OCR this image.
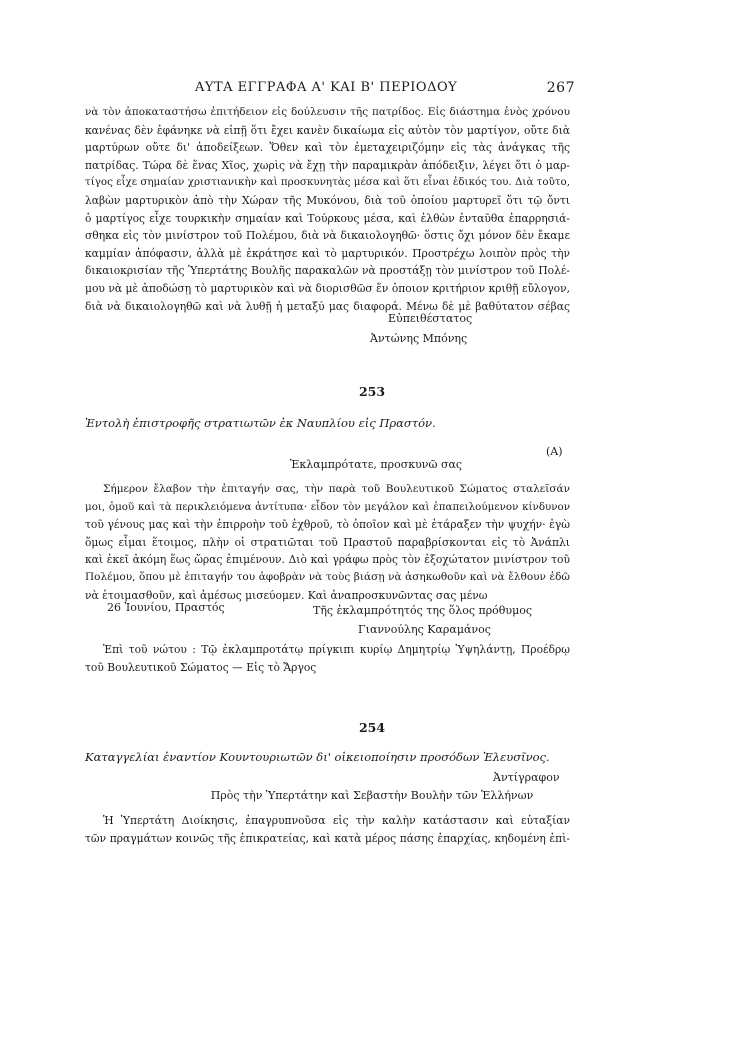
ΑΥΤΑ ΕΓΓΡΑΦΑ Α' ΚΑΙ Β' ΠΕΡΙΟΔΟΥ	267
νὰ τὸν ἀποκαταστήσω ἐπιτήδειον εἰς δούλευσιν τῆς πατρίδος. Εἰς διάστημα ἑνὸς χρόνου
κανένας δὲν ἐφάνηκε νὰ εἰπῇ ὅτι ἔχει κανὲν δικαίωμα εἰς αὐτὸν τὸν μαρτίγον, οὔτε διὰ
μαρτύρων οὔτε δι' ἀποδείξεων. Ὅθεν καὶ τὸν ἐμεταχειριζόμην εἰς τὰς ἀνάγκας τῆς
πατρίδας. Τώρα δὲ ἕνας Χῖος, χωρὶς νὰ ἔχῃ τὴν παραμικρὰν ἀπόδειξιν, λέγει ὅτι ὁ μαρ-
τίγος εἶχε σημαίαν χριστιανικὴν καὶ προσκυνητὰς μέσα καὶ ὅτι εἶναι ἐδικός του. Διὰ τοῦτο,
λαβὼν μαρτυρικὸν ἀπὸ τὴν Χώραν τῆς Μυκόνου, διὰ τοῦ ὁποίου μαρτυρεῖ ὅτι τῷ ὄντι
ὁ μαρτίγος εἶχε τουρκικὴν σημαίαν καὶ Τούρκους μέσα, καὶ ἐλθὼν ἐνταῦθα ἐπαρρησιά-
σθηκα εἰς τὸν μινίστρον τοῦ Πολέμου, διὰ νὰ δικαιολογηθῶ· ὅστις ὄχι μόνον δὲν ἔκαμε
καμμίαν ἀπόφασιν, ἀλλὰ μὲ ἐκράτησε καὶ τὸ μαρτυρικόν. Προστρέχω λοιπὸν πρὸς τὴν
δικαιοκρισίαν τῆς Ὑπερτάτης Βουλῆς παρακαλῶν νὰ προστάξῃ τὸν μινίστρον τοῦ Πολέ-
μου νὰ μὲ ἀποδώσῃ τὸ μαρτυρικὸν καὶ νὰ διορισθῶσ ἕν ὁποιον κριτήριον κριθῇ εὔλογον,
διὰ νὰ δικαιολογηθῶ καὶ νὰ λυθῇ ἡ μεταξύ μας διαφορά. Μένω δὲ μὲ βαθύτατον σέβας
Εὐπειθέστατος
Ἀντώνης Μπόνης
253
Ἐντολὴ ἐπιστροφῆς στρατιωτῶν ἐκ Ναυπλίου εἰς Πραστόν.
(Α)
Ἐκλαμπρότατε, προσκυνῶ σας
Σήμερον ἔλαβον τὴν ἐπιταγήν σας, τὴν παρὰ τοῦ Βουλευτικοῦ Σώματος σταλεῖσάν
μοι, ὁμοῦ καὶ τὰ περικλειόμενα ἀντίτυπα· εἶδον τὸν μεγάλον καὶ ἐπαπειλούμενον κίνδυνον
τοῦ γένους μας καὶ τὴν ἐπιρροὴν τοῦ ἐχθροῦ, τὸ ὁποῖον καὶ μὲ ἐτάραξεν τὴν ψυχήν· ἐγὼ
ὅμως εἶμαι ἕτοιμος, πλὴν οἱ στρατιῶται τοῦ Πραστοῦ παραβρίσκονται εἰς τὸ Ἀνάπλι
καὶ ἐκεῖ ἀκόμη ἕως ὥρας ἐπιμένουν. Διὸ καὶ γράφω πρὸς τὸν ἐξοχώτατον μινίστρον τοῦ
Πολέμου, ὅπου μὲ ἐπιταγήν του ἀφοβρὰν νὰ τοὺς βιάσῃ νὰ ἀσηκωθοῦν καὶ νὰ ἔλθουν ἐδῶ
νὰ ἑτοιμασθοῦν, καὶ ἀμέσως μισεύομεν. Καὶ ἀναπροσκυνῶντας σας μένω
26 Ἰουνίου, Πραστός	Τῆς ἐκλαμπρότητός της ὅλος πρόθυμος
Γιαννούλης Καραμάνος
Ἐπὶ τοῦ νώτου : Τῷ ἐκλαμπροτάτῳ πρίγκιπι κυρίῳ Δημητρίῳ Ὑψηλάντῃ, Προέδρῳ
τοῦ Βουλευτικοῦ Σώματος — Εἰς τὸ Ἄργος
254
Καταγγελίαι ἐναντίον Κουντουριωτῶν δι' οἰκειοποίησιν προσόδων Ἐλευσῖνος.
Ἀντίγραφον
Πρὸς τὴν Ὑπερτάτην καὶ Σεβαστὴν Βουλὴν τῶν Ἑλλήνων
Ἡ Ὑπερτάτη Διοίκησις, ἐπαγρυπνοῦσα εἰς τὴν καλὴν κατάστασιν καὶ εὐταξίαν
τῶν πραγμάτων κοινῶς τῆς ἐπικρατείας, καὶ κατὰ μέρος πάσης ἐπαρχίας, κηδομένη ἐπὶ-
